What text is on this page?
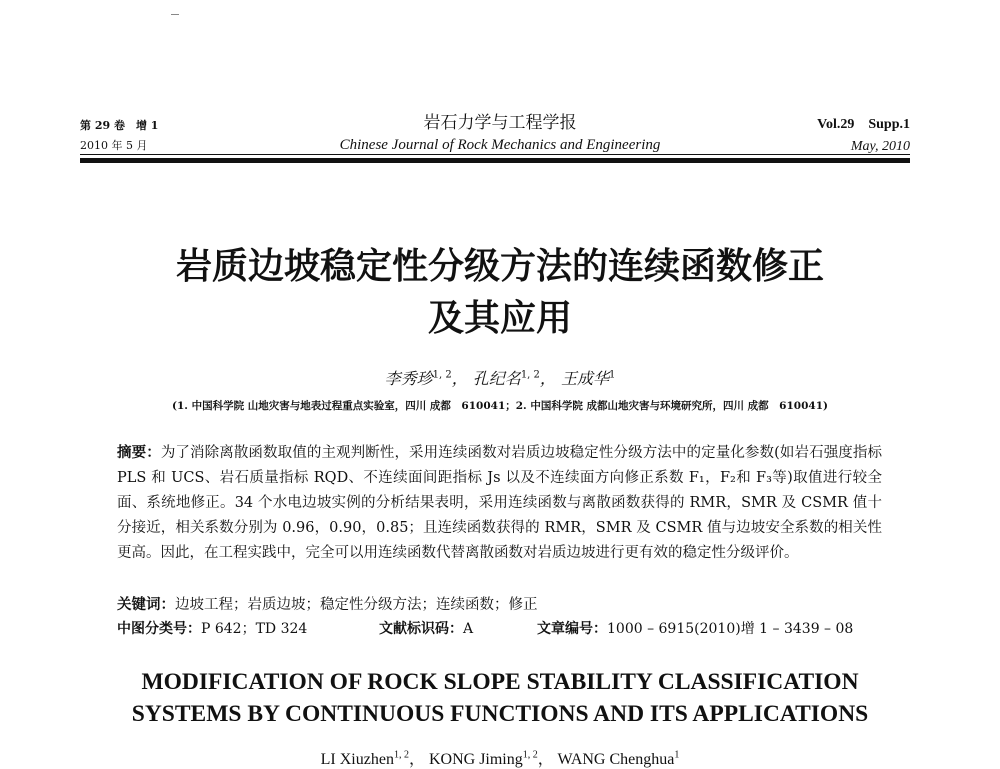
第 29 卷　增 1
2010 年 5 月
岩石力学与工程学报
Chinese Journal of Rock Mechanics and Engineering
Vol.29　Supp.1
May, 2010
岩质边坡稳定性分级方法的连续函数修正
及其应用
李秀珍$^{1, 2}$， 孔纪名$^{1, 2}$， 王成华$^1$
(1. 中国科学院 山地灾害与地表过程重点实验室，四川 成都　610041；2. 中国科学院 成都山地灾害与环境研究所，四川 成都　610041)
摘要：为了消除离散函数取值的主观判断性，采用连续函数对岩质边坡稳定性分级方法中的定量化参数(如岩石强度指标 PLS 和 UCS、岩石质量指标 RQD、不连续面间距指标 Js 以及不连续面方向修正系数 F₁，F₂和 F₃等)取值进行较全面、系统地修正。34 个水电边坡实例的分析结果表明，采用连续函数与离散函数获得的 RMR，SMR 及 CSMR 值十分接近，相关系数分别为 0.96，0.90，0.85；且连续函数获得的 RMR，SMR 及 CSMR 值与边坡安全系数的相关性更高。因此，在工程实践中，完全可以用连续函数代替离散函数对岩质边坡进行更有效的稳定性分级评价。
关键词：边坡工程；岩质边坡；稳定性分级方法；连续函数；修正
中图分类号：P 642；TD 324	文献标识码：A	文章编号：1000 – 6915(2010)增 1 – 3439 – 08
MODIFICATION OF ROCK SLOPE STABILITY CLASSIFICATION
SYSTEMS BY CONTINUOUS FUNCTIONS AND ITS APPLICATIONS
LI Xiuzhen$^{1, 2}$， KONG Jiming$^{1, 2}$， WANG Chenghua$^1$
